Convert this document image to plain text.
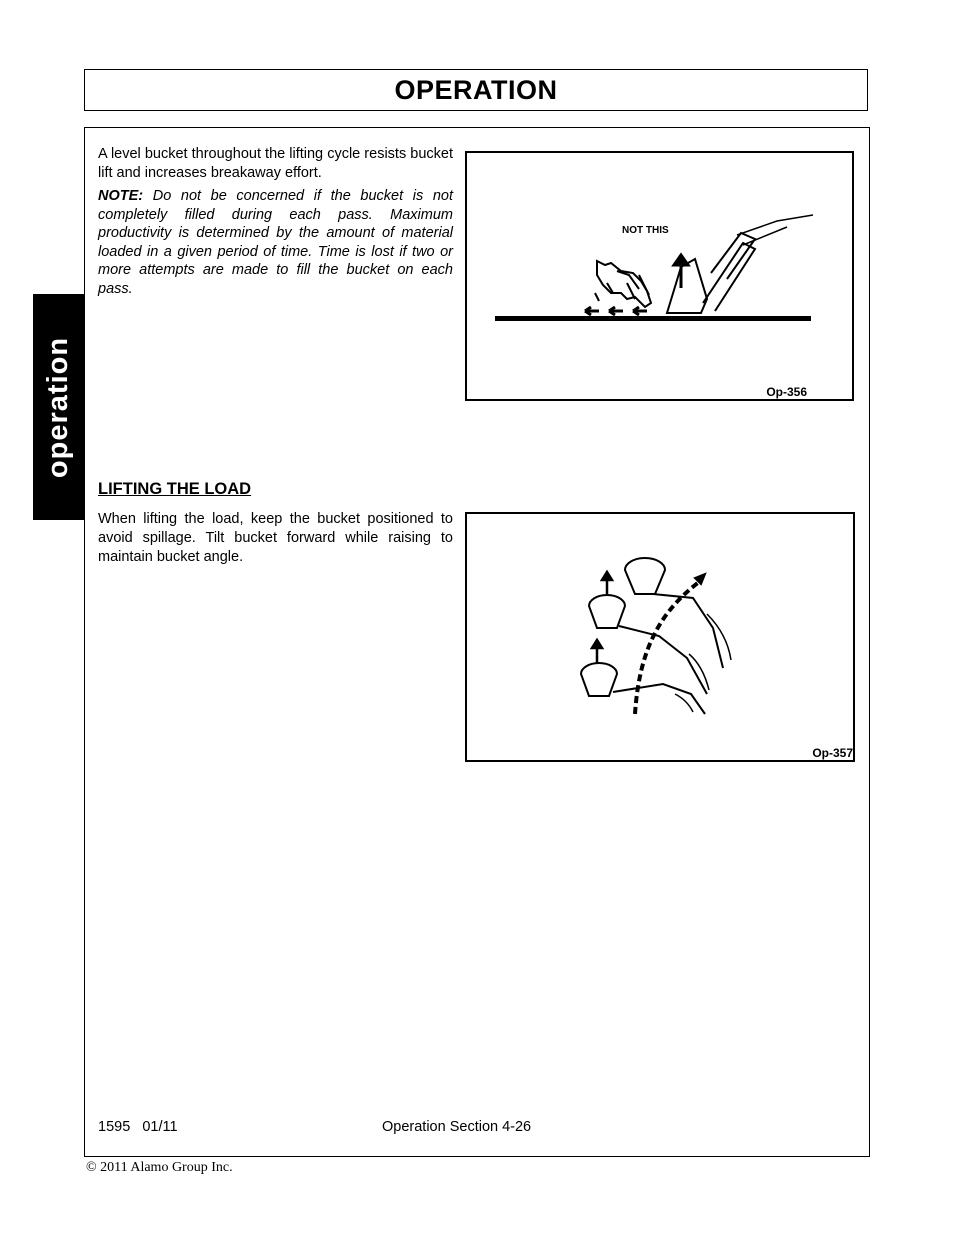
OPERATION
operation

A level bucket throughout the lifting cycle resists bucket lift and increases breakaway effort.

NOTE: Do not be concerned if the bucket is not completely filled during each pass. Maximum productivity is determined by the amount of material loaded in a given period of time. Time is lost if two or more attempts are made to fill the bucket on each pass.

NOT THIS
Op-356
LIFTING THE LOAD

When lifting the load, keep the bucket positioned to avoid spillage. Tilt bucket forward while raising to maintain bucket angle.

Op-357
1595   01/11	Operation Section 4-26
© 2011 Alamo Group Inc.
